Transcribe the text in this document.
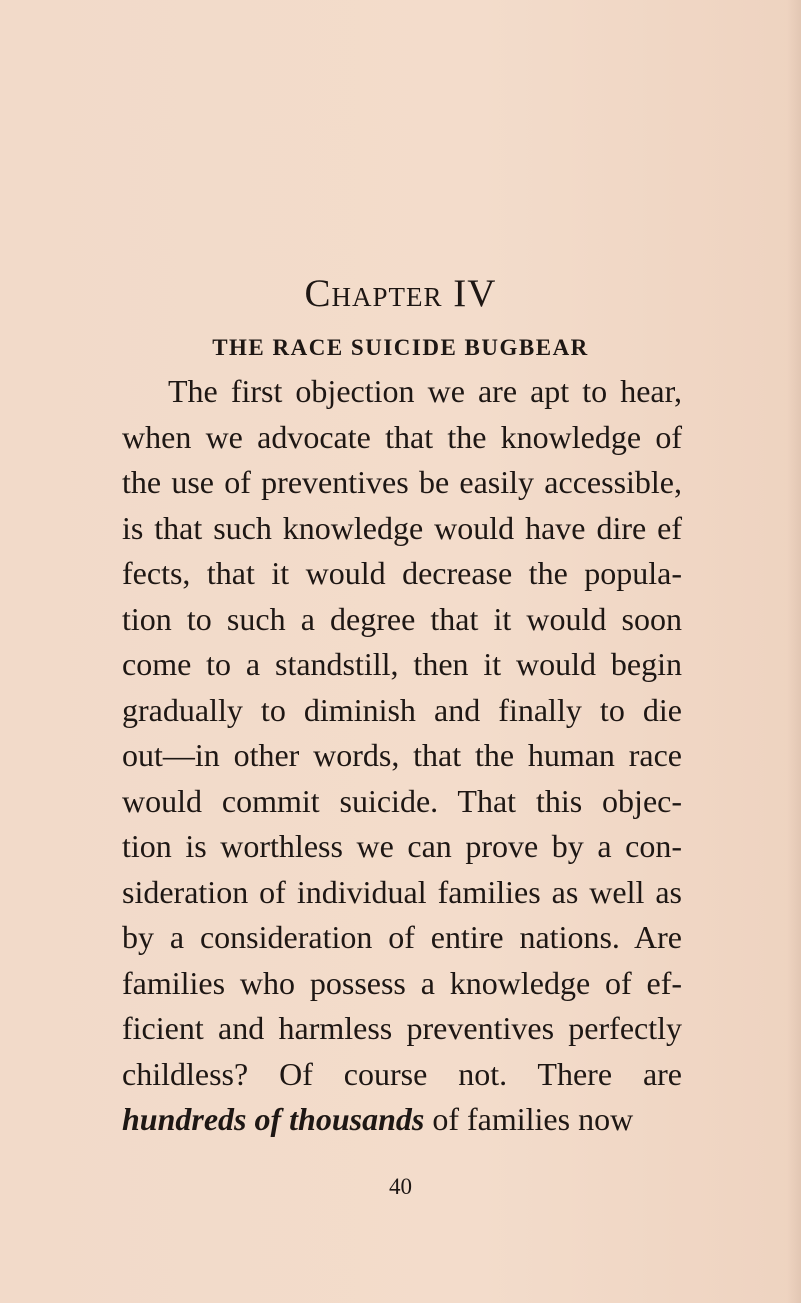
Chapter IV
THE RACE SUICIDE BUGBEAR
The first objection we are apt to hear,
when we advocate that the knowledge of
the use of preventives be easily accessible,
is that such knowledge would have dire ef
fects, that it would decrease the popula-
tion to such a degree that it would soon
come to a standstill, then it would begin
gradually to diminish and finally to die
out—in other words, that the human race
would commit suicide. That this objec-
tion is worthless we can prove by a con-
sideration of individual families as well as
by a consideration of entire nations. Are
families who possess a knowledge of ef-
ficient and harmless preventives perfectly
childless? Of course not. There are
hundreds of thousands of families now
40
